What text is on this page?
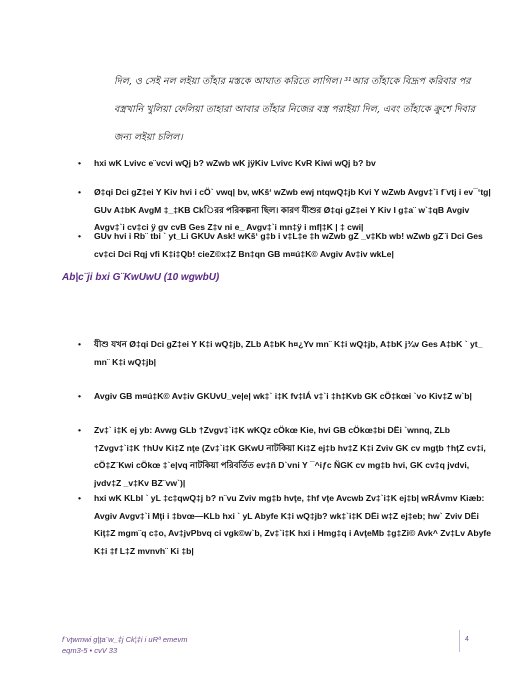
দিল, ও সেই নল লইয়া তাঁহার মস্তকে আঘাত করিতে লাগিল। ³¹আর তাঁহাকে বিদ্রূপ করিবার পর
বস্ত্রখানি খুলিয়া ফেলিয়া তাহারা আবার তাঁহার নিজের বস্ত্র পরাইয়া দিল, এবং তাঁহাকে ক্রুশে দিবার
জন্য লইয়া চলিল।
•	hxi wK Lvivc e¨vcvi wQj b? wZwb wK jÿKiv Lvivc KvR Kiwi wQj b? bv
•	Ø‡qi Dci gZ‡ei Y Kiv hvi i cÖ` vwq| bv, wKš‘ wZwb ewj ntqwQ‡jb Kvi Y wZwb Avgv‡`i f¨vtj i ev¯‘tg| GUv A‡bK AvgM ‡_‡KB Ckিরর পরিকল্পনা ছিল। কারণ যীশুর Ø‡qi gZ‡ei Y Kiv I g‡a¨ w`‡qB Avgiv Avgv‡`i cv‡ci ÿ gv cvB Ges Z‡v ni e_ Avgv‡`i mn‡ÿ i mf|‡K | ‡ cwi|
•	GUv hvi i Rb¨ tbi ` yt_Li GKUv Ask! wKš‘ g‡b i v‡L‡e ‡h wZwb gZ _v‡Kb wb! wZwb gZ¨i Dci Ges cv‡ci Dci Rqj vfi K‡i‡Qb! cieZ©x‡Z Bn‡qn GB m¤ú‡K© Avgiv Av‡iv wkLe|
Ab|c¨ji bxi G¨KwUwU (10 wgwbU)
•	যীশু যখন Ø‡qi Dci gZ‡ei Y K‡i wQ‡jb, ZLb A‡bK h¤¿Yv mn¨ K‡i wQ‡jb, A‡bK j¾v Ges A‡bK ` yt_ mn¨ K‡i wQ‡jb|
•	Avgiv GB m¤ú‡K© Av‡iv GKUvU_ve|e| wk‡` i‡K fv‡lÁ v‡`i ‡h‡Kvb GK cÖ‡kœi `vo Kiv‡Z w`b|
•	Zv‡` i‡K ej yb: Avwg GLb †Zvgv‡`i‡K wKQz cÖkœ Kie, hvi GB cÖkœ‡bi DËi `wnnq, ZLb †Zvgv‡`i‡K †hUv Ki‡Z nţe (Zv‡`i‡K GKwU নাটকিয়া Ki‡Z ej‡b hv‡Z K‡i Zviv GK cv mgţb †hţZ cv‡i, cÖ‡Z¨Kwi cÖkœ ‡`e|vq নাটকিয়া পরিবর্তিত ev‡ñ D`vni Y ¯^iƒc ÑGK cv mg‡b hvi, GK cv‡q jvdvi, jvdv‡Z _v‡Kv BZ¨vw`)|
•	hxi wK KLbI ` yL ‡c‡qwQ‡j b? n¨vu Zviv mg‡b hvţe, ‡hf vţe Avcwb Zv‡`i‡K ej‡b| wRÁvmv Kiæb: Avgiv Avgv‡`i Mţi i ‡bvœ—KLb hxi ` yL Abyfe K‡i wQ‡jb? wk‡`i‡K DËi w‡Z ej‡eb; hw` Zviv DËi Kiţ‡Z mgm¨q c‡o, Av‡jvPbvq ci vgk©w`b, Zv‡`i‡K hxi i Hmg‡q i AvţeMb ‡g‡Zi© Avk^ Zv‡Lv Abyfe K‡i ‡f L‡Z mvnvh¨ Ki ‡b|
f¨vţwmwi g|ţa¨w_‡j Ck¦‡i i uRª emevm
eqm3-5 • cvV 33
4
